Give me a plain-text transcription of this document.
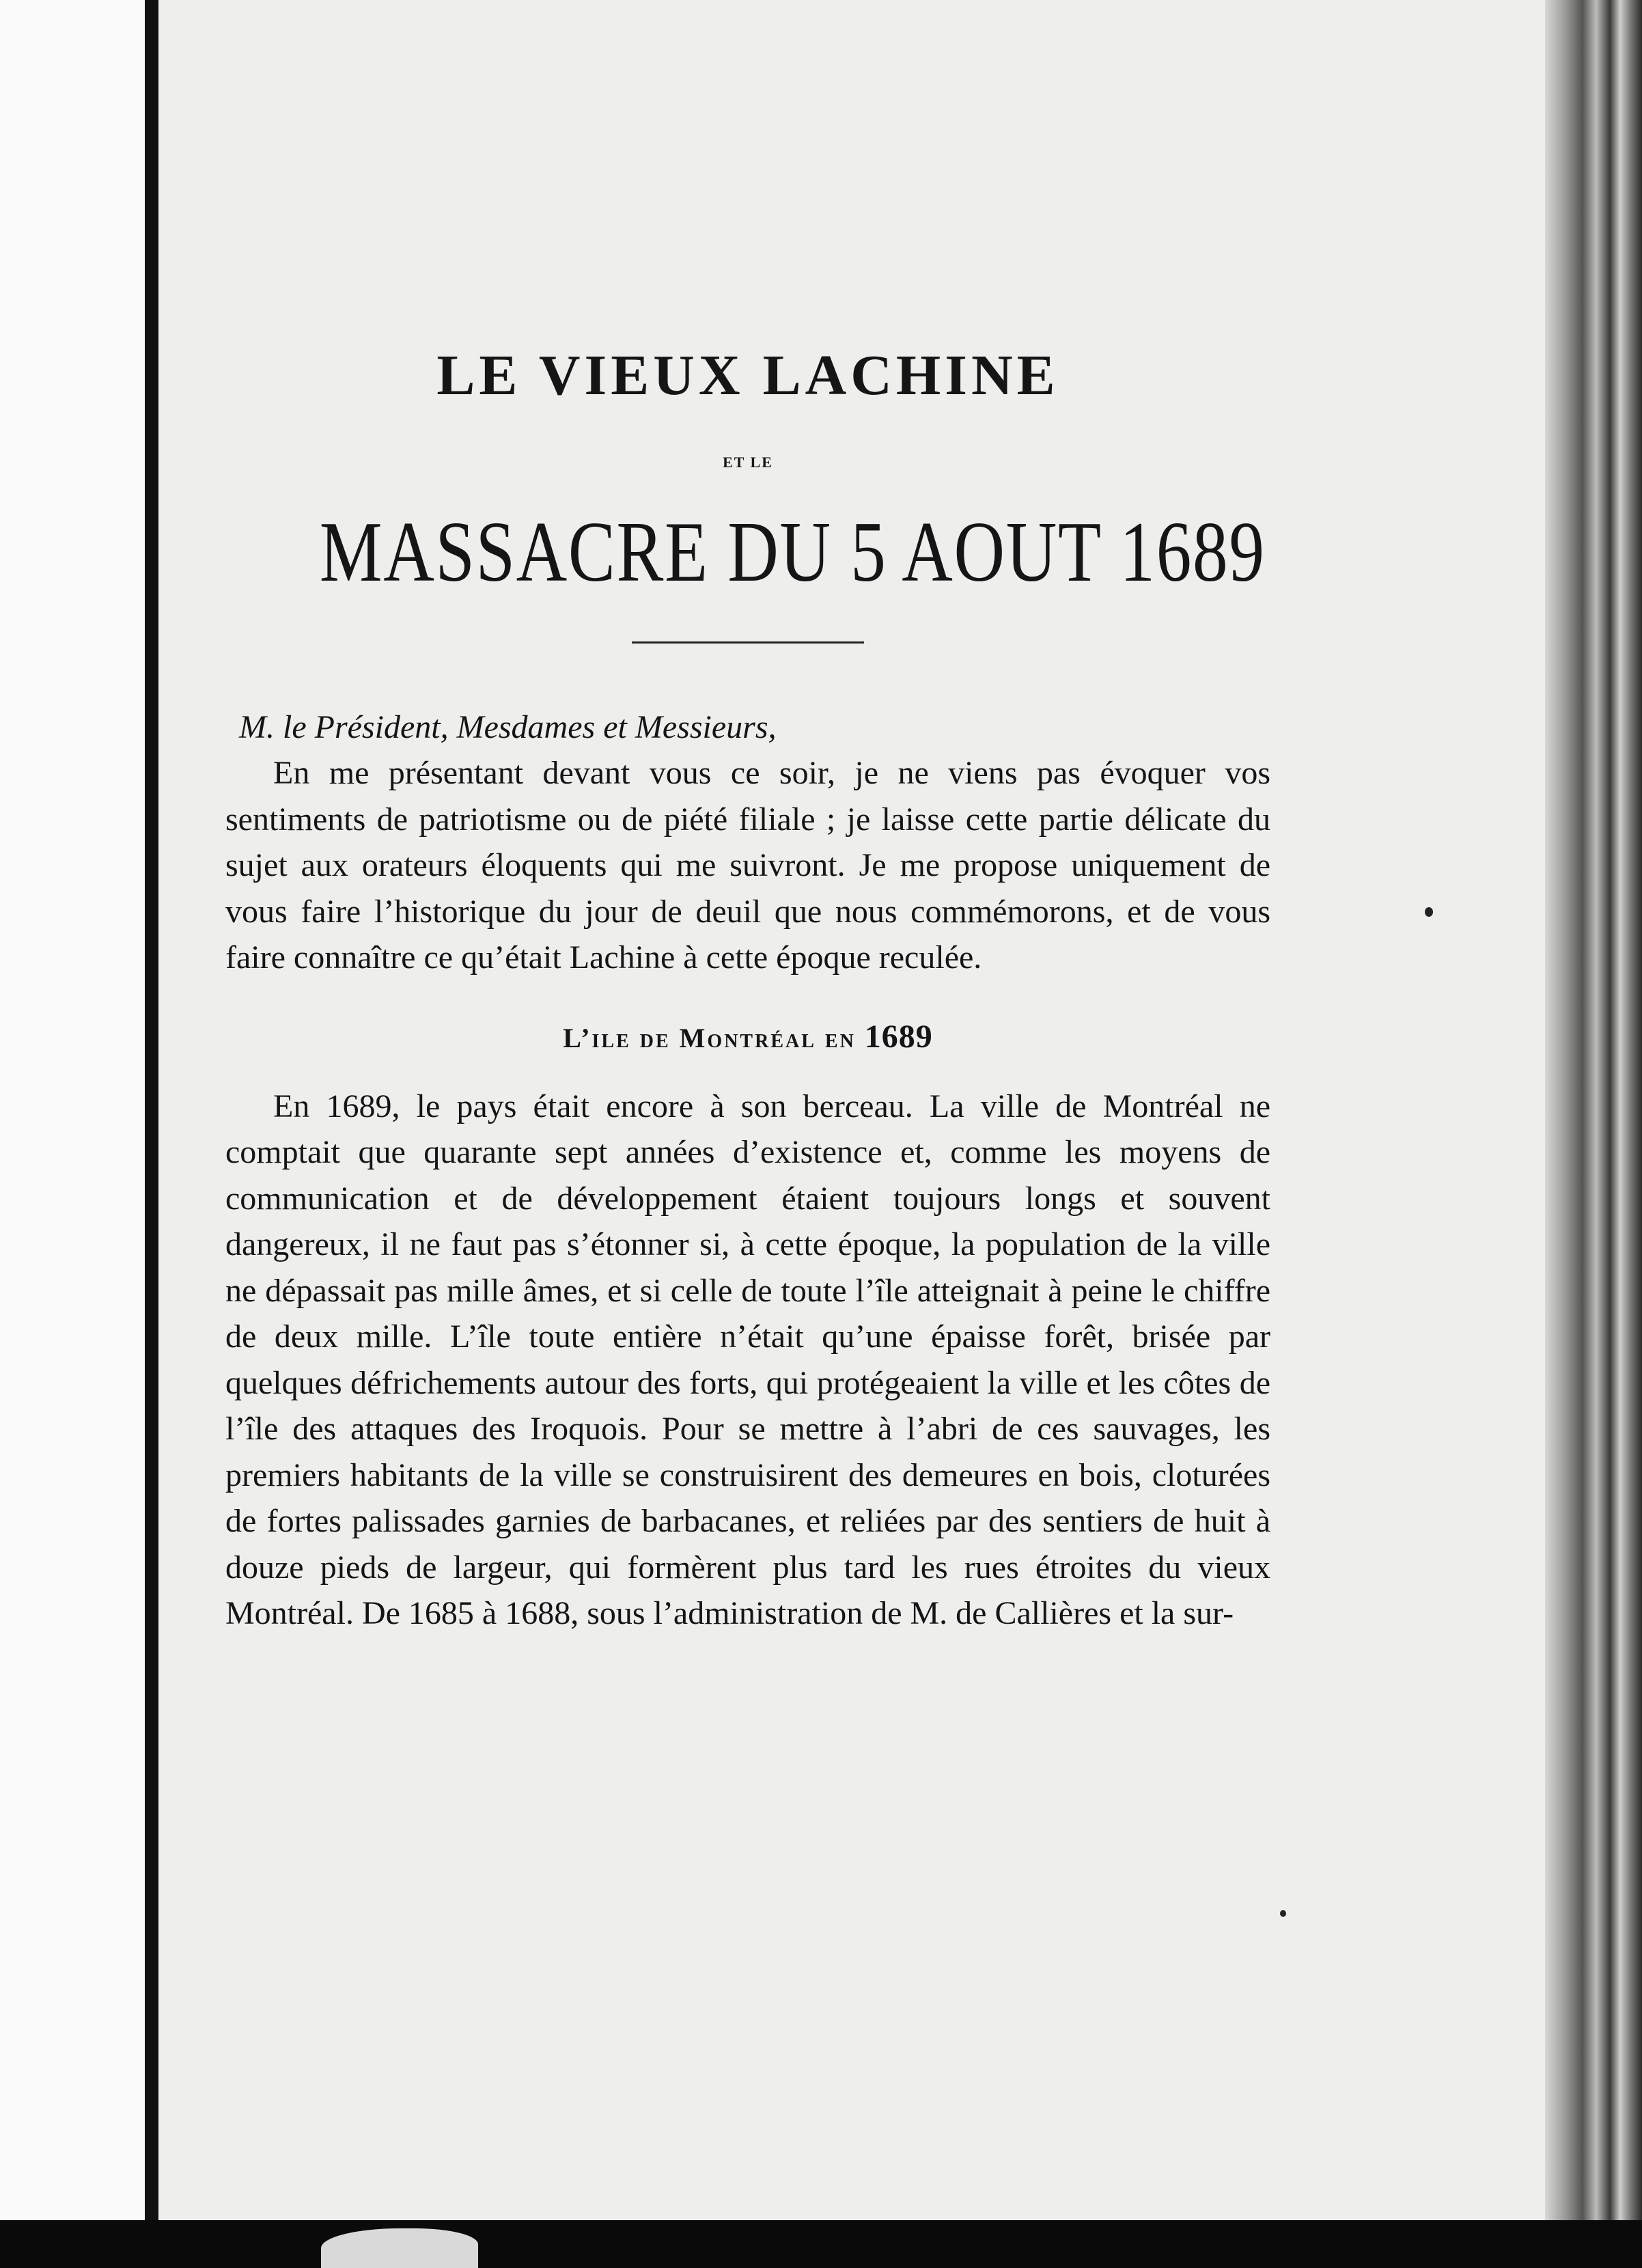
LE VIEUX LACHINE
ET LE
MASSACRE DU 5 AOUT 1689

M. le Président, Mesdames et Messieurs,

En me présentant devant vous ce soir, je ne viens pas évoquer vos sentiments de patriotisme ou de piété filiale ; je laisse cette partie délicate du sujet aux orateurs éloquents qui me suivront. Je me propose uniquement de vous faire l’historique du jour de deuil que nous commémorons, et de vous faire connaître ce qu’était Lachine à cette époque reculée.

L’ile de Montréal en 1689

En 1689, le pays était encore à son berceau. La ville de Montréal ne comptait que quarante sept années d’existence et, comme les moyens de communication et de développement étaient toujours longs et souvent dangereux, il ne faut pas s’étonner si, à cette époque, la population de la ville ne dépassait pas mille âmes, et si celle de toute l’île atteignait à peine le chiffre de deux mille. L’île toute entière n’était qu’une épaisse forêt, brisée par quelques défrichements autour des forts, qui protégeaient la ville et les côtes de l’île des attaques des Iroquois. Pour se mettre à l’abri de ces sauvages, les premiers habitants de la ville se construisirent des demeures en bois, cloturées de fortes palissades garnies de barbacanes, et reliées par des sentiers de huit à douze pieds de largeur, qui formèrent plus tard les rues étroites du vieux Montréal. De 1685 à 1688, sous l’administration de M. de Callières et la sur-
